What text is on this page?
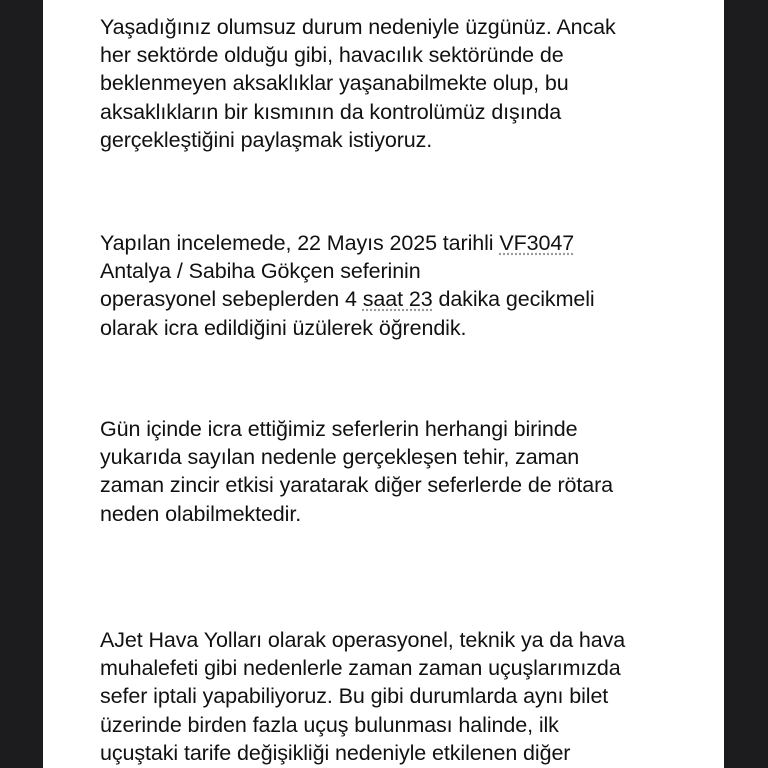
Yaşadığınız olumsuz durum nedeniyle üzgünüz. Ancak
her sektörde olduğu gibi, havacılık sektöründe de
beklenmeyen aksaklıklar yaşanabilmekte olup, bu
aksaklıkların bir kısmının da kontrolümüz dışında
gerçekleştiğini paylaşmak istiyoruz.

Yapılan incelemede, 22 Mayıs 2025 tarihli VF3047
Antalya / Sabiha Gökçen seferinin
operasyonel sebeplerden 4 saat 23 dakika gecikmeli
olarak icra edildiğini üzülerek öğrendik.

Gün içinde icra ettiğimiz seferlerin herhangi birinde
yukarıda sayılan nedenle gerçekleşen tehir, zaman
zaman zincir etkisi yaratarak diğer seferlerde de rötara
neden olabilmektedir.

AJet Hava Yolları olarak operasyonel, teknik ya da hava
muhalefeti gibi nedenlerle zaman zaman uçuşlarımızda
sefer iptali yapabiliyoruz. Bu gibi durumlarda aynı bilet
üzerinde birden fazla uçuş bulunması halinde, ilk
uçuştaki tarife değişikliği nedeniyle etkilenen diğer
